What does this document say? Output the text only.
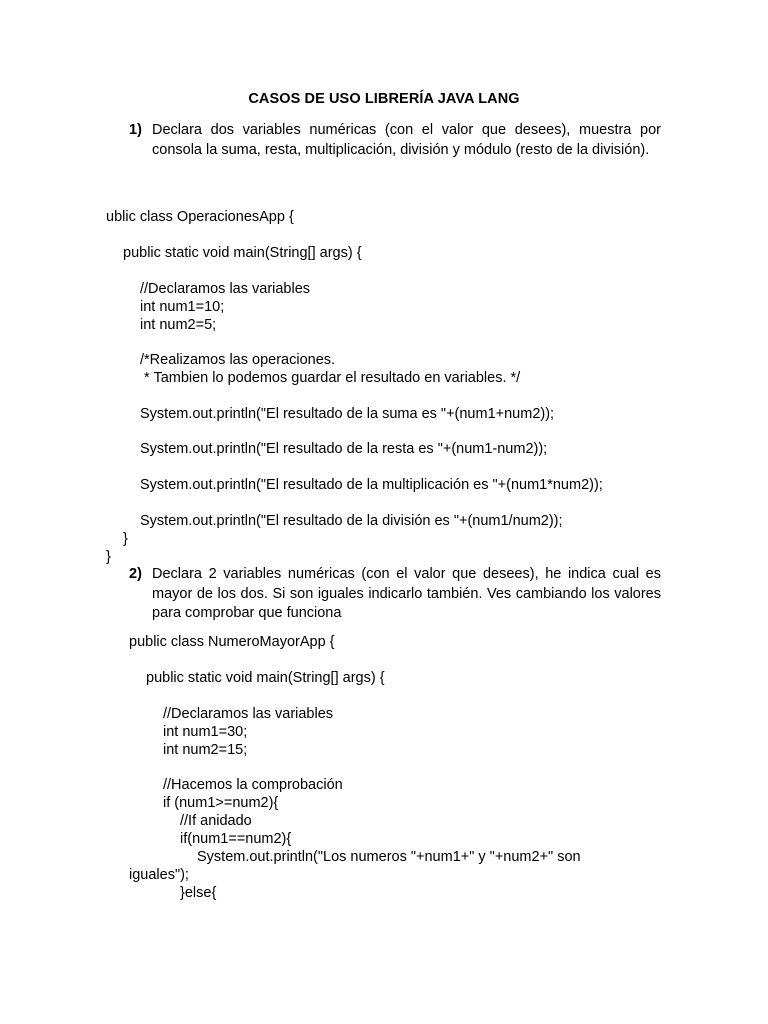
CASOS DE USO LIBRERÍA JAVA LANG
1) Declara dos variables numéricas (con el valor que desees), muestra por consola la suma, resta, multiplicación, división y módulo (resto de la división).
ublic class OperacionesApp {
public static void main(String[] args) {
//Declaramos las variables
int num1=10;
int num2=5;
/*Realizamos las operaciones.
* Tambien lo podemos guardar el resultado en variables. */
System.out.println("El resultado de la suma es "+(num1+num2));
System.out.println("El resultado de la resta es "+(num1-num2));
System.out.println("El resultado de la multiplicación es "+(num1*num2));
System.out.println("El resultado de la división es "+(num1/num2));
}
}
2) Declara 2 variables numéricas (con el valor que desees), he indica cual es mayor de los dos. Si son iguales indicarlo también. Ves cambiando los valores para comprobar que funciona
public class NumeroMayorApp {
public static void main(String[] args) {
//Declaramos las variables
int num1=30;
int num2=15;
//Hacemos la comprobación
if (num1>=num2){
//If anidado
if(num1==num2){
System.out.println("Los numeros "+num1+" y "+num2+" son
iguales");
}else{
